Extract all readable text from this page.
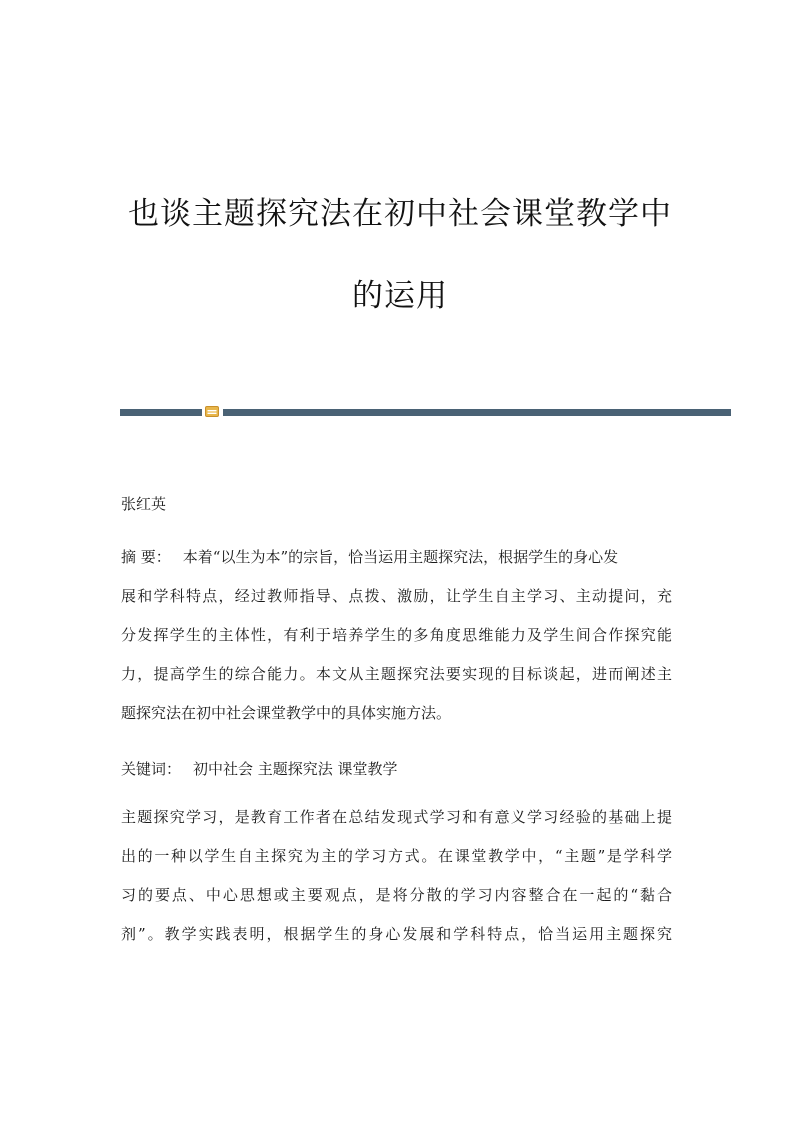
也谈主题探究法在初中社会课堂教学中
的运用

张红英

摘 要： 本着“以生为本”的宗旨，恰当运用主题探究法，根据学生的身心发
展和学科特点，经过教师指导、点拨、激励，让学生自主学习、主动提问，充
分发挥学生的主体性，有利于培养学生的多角度思维能力及学生间合作探究能
力，提高学生的综合能力。本文从主题探究法要实现的目标谈起，进而阐述主
题探究法在初中社会课堂教学中的具体实施方法。
关键词： 初中社会 主题探究法 课堂教学
主题探究学习，是教育工作者在总结发现式学习和有意义学习经验的基础上提
出的一种以学生自主探究为主的学习方式。在课堂教学中，“主题”是学科学
习的要点、中心思想或主要观点，是将分散的学习内容整合在一起的“黏合
剂”。教学实践表明，根据学生的身心发展和学科特点，恰当运用主题探究
